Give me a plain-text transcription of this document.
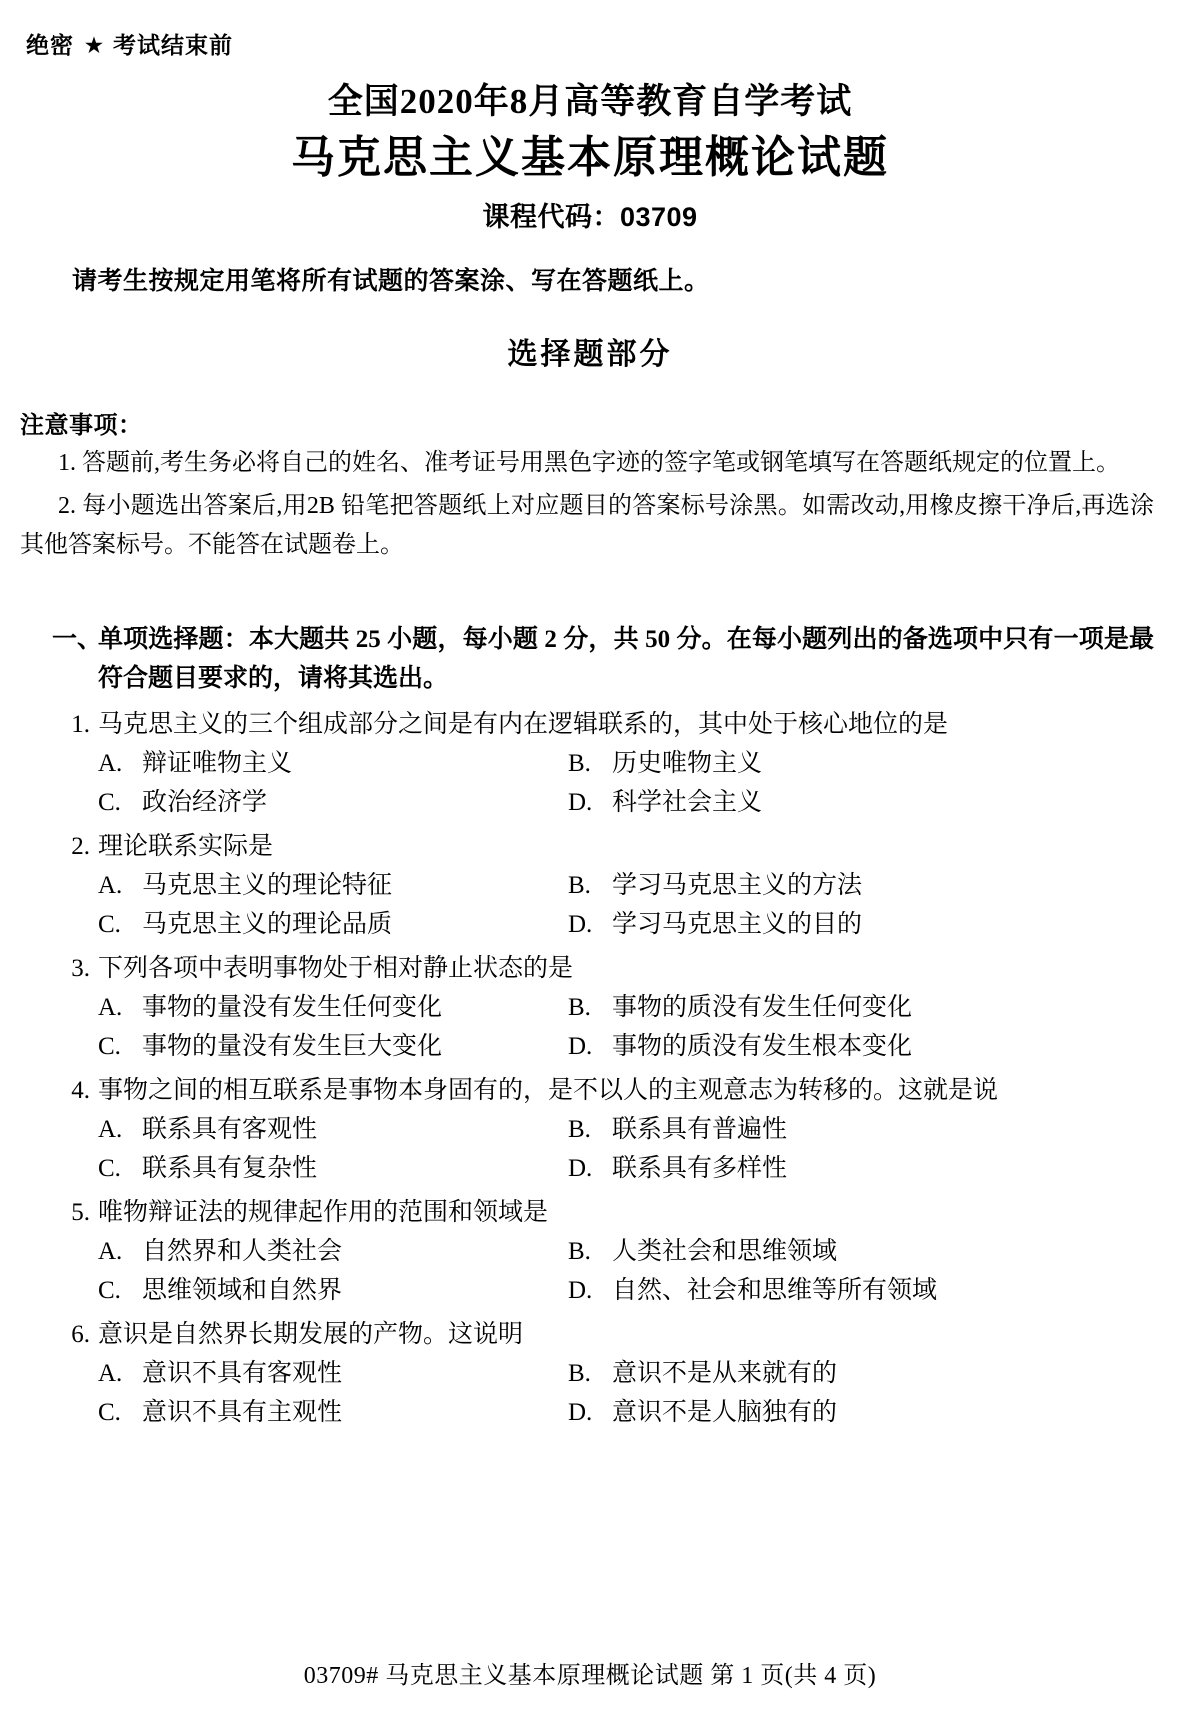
绝密 ★ 考试结束前
全国2020年8月高等教育自学考试
马克思主义基本原理概论试题
课程代码：03709
请考生按规定用笔将所有试题的答案涂、写在答题纸上。
选择题部分
注意事项：
1. 答题前,考生务必将自己的姓名、准考证号用黑色字迹的签字笔或钢笔填写在答题纸规定的位置上。
2. 每小题选出答案后,用2B 铅笔把答题纸上对应题目的答案标号涂黑。如需改动,用橡皮擦干净后,再选涂其他答案标号。不能答在试题卷上。
一、
单项选择题：本大题共 25 小题，每小题 2 分，共 50 分。在每小题列出的备选项中只有一项是最符合题目要求的，请将其选出。
1. 马克思主义的三个组成部分之间是有内在逻辑联系的，其中处于核心地位的是
A. 辩证唯物主义	B. 历史唯物主义
C. 政治经济学	D. 科学社会主义
2. 理论联系实际是
A. 马克思主义的理论特征	B. 学习马克思主义的方法
C. 马克思主义的理论品质	D. 学习马克思主义的目的
3. 下列各项中表明事物处于相对静止状态的是
A. 事物的量没有发生任何变化	B. 事物的质没有发生任何变化
C. 事物的量没有发生巨大变化	D. 事物的质没有发生根本变化
4. 事物之间的相互联系是事物本身固有的，是不以人的主观意志为转移的。这就是说
A. 联系具有客观性	B. 联系具有普遍性
C. 联系具有复杂性	D. 联系具有多样性
5. 唯物辩证法的规律起作用的范围和领域是
A. 自然界和人类社会	B. 人类社会和思维领域
C. 思维领域和自然界	D. 自然、社会和思维等所有领域
6. 意识是自然界长期发展的产物。这说明
A. 意识不具有客观性	B. 意识不是从来就有的
C. 意识不具有主观性	D. 意识不是人脑独有的
03709# 马克思主义基本原理概论试题 第 1 页(共 4 页)
